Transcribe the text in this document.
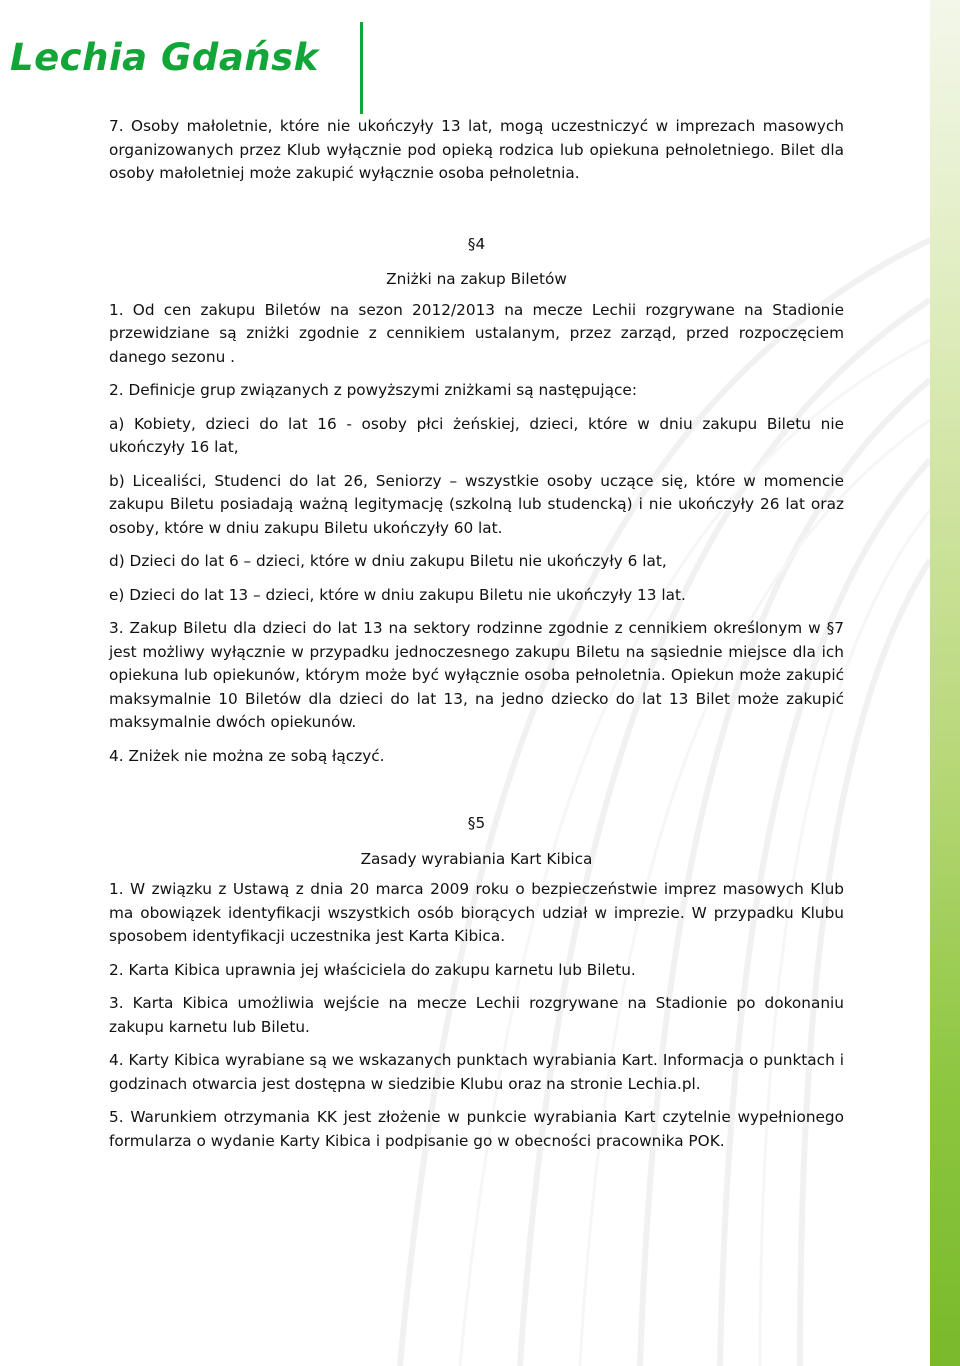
Lechia Gdańsk

7. Osoby małoletnie, które nie ukończyły 13 lat, mogą uczestniczyć w imprezach masowych organizowanych przez Klub wyłącznie pod opieką rodzica lub opiekuna pełnoletniego. Bilet dla osoby małoletniej może zakupić wyłącznie osoba pełnoletnia.

§4

Zniżki na zakup Biletów

1. Od cen zakupu Biletów na sezon 2012/2013 na mecze Lechii rozgrywane na Stadionie przewidziane są zniżki zgodnie z cennikiem ustalanym, przez zarząd, przed rozpoczęciem danego sezonu .

2. Definicje grup związanych z powyższymi zniżkami są następujące:

a) Kobiety, dzieci do lat 16 - osoby płci żeńskiej, dzieci, które w dniu zakupu Biletu nie ukończyły 16 lat,

b) Licealiści, Studenci do lat 26, Seniorzy – wszystkie osoby uczące się, które w momencie zakupu Biletu posiadają ważną legitymację (szkolną lub studencką) i nie ukończyły 26 lat oraz osoby, które w dniu zakupu Biletu ukończyły 60 lat.

d) Dzieci do lat 6 – dzieci, które w dniu zakupu Biletu nie ukończyły 6 lat,

e) Dzieci do lat 13 – dzieci, które w dniu zakupu Biletu nie ukończyły 13 lat.

3. Zakup Biletu dla dzieci do lat 13 na sektory rodzinne zgodnie z cennikiem określonym w §7 jest możliwy wyłącznie w przypadku jednoczesnego zakupu Biletu na sąsiednie miejsce dla ich opiekuna lub opiekunów, którym może być wyłącznie osoba pełnoletnia. Opiekun może zakupić maksymalnie 10 Biletów dla dzieci do lat 13, na jedno dziecko do lat 13 Bilet może zakupić maksymalnie dwóch opiekunów.

4. Zniżek nie można ze sobą łączyć.

§5

Zasady wyrabiania Kart Kibica

1. W związku z Ustawą z dnia 20 marca 2009 roku o bezpieczeństwie imprez masowych Klub ma obowiązek identyfikacji wszystkich osób biorących udział w imprezie. W przypadku Klubu sposobem identyfikacji uczestnika jest Karta Kibica.

2. Karta Kibica uprawnia jej właściciela do zakupu karnetu lub Biletu.

3. Karta Kibica umożliwia wejście na mecze Lechii rozgrywane na Stadionie po dokonaniu zakupu karnetu lub Biletu.

4. Karty Kibica wyrabiane są we wskazanych punktach wyrabiania Kart. Informacja o punktach i godzinach otwarcia jest dostępna w siedzibie Klubu oraz na stronie Lechia.pl.

5. Warunkiem otrzymania KK jest złożenie w punkcie wyrabiania Kart czytelnie wypełnionego formularza o wydanie Karty Kibica i podpisanie go w obecności pracownika POK.
